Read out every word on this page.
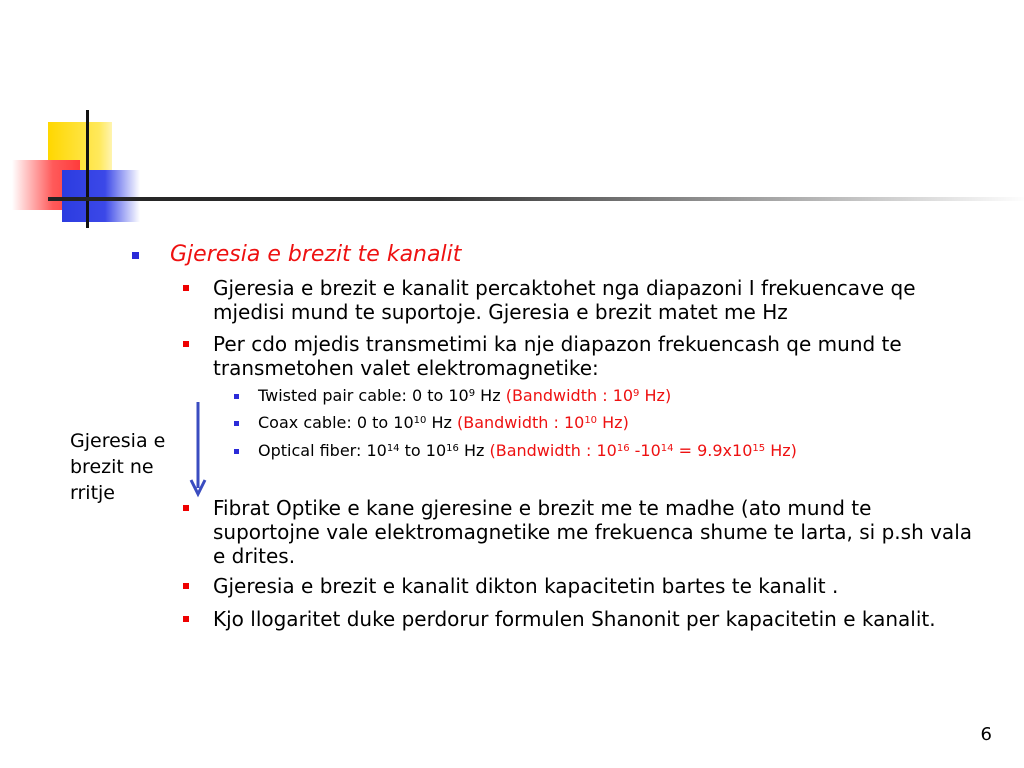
Gjeresia e brezit te kanalit
Gjeresia e brezit e kanalit percaktohet nga diapazoni I frekuencave qe mjedisi mund te suportoje. Gjeresia e brezit matet me Hz
Per cdo mjedis transmetimi ka nje diapazon frekuencash qe mund te transmetohen valet elektromagnetike:
Twisted pair cable: 0 to $10^9$ Hz (Bandwidth : $10^9$ Hz)
Coax cable: 0 to $10^{10}$ Hz (Bandwidth : $10^{10}$ Hz)
Optical fiber: $10^{14}$ to $10^{16}$ Hz (Bandwidth : $10^{16}$ $-10^{14} = 9.9x10^{15}$ Hz)
Fibrat Optike e kane gjeresine e brezit me te madhe (ato mund te suportojne vale elektromagnetike me frekuenca shume te larta, si p.sh vala e drites.
Gjeresia e brezit e kanalit dikton kapacitetin bartes te kanalit .
Kjo llogaritet duke perdorur formulen Shanonit per kapacitetin e kanalit.
Gjeresia e brezit ne rritje
6
